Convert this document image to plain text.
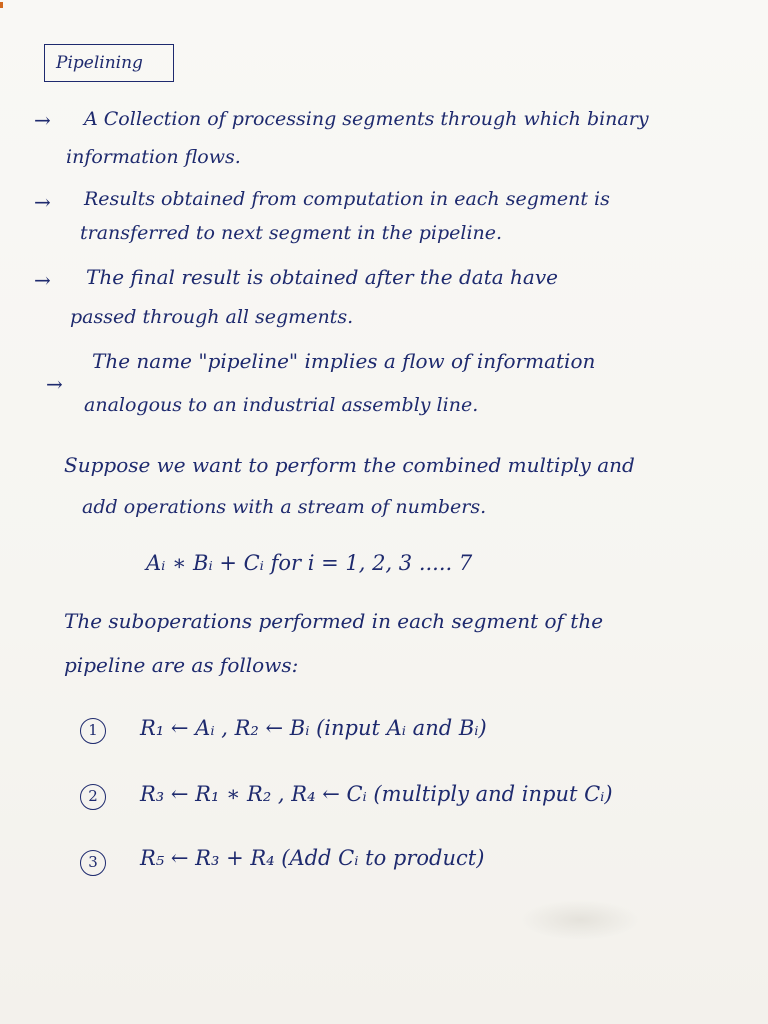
Pipelining
→ A Collection of processing segments through which binary
information flows.
→ Results obtained from computation in each segment is
transferred to next segment in the pipeline.
→ The final result is obtained after the data have
passed through all segments.
→
The name "pipeline" implies a flow of information
analogous to an industrial assembly line.
Suppose we want to perform the combined multiply and
add operations with a stream of numbers.
Aᵢ ∗ Bᵢ + Cᵢ for i = 1, 2, 3 ..... 7
The suboperations performed in each segment of the
pipeline are as follows:
1	R₁ ← Aᵢ , R₂ ← Bᵢ (input Aᵢ and Bᵢ)
2	R₃ ← R₁ ∗ R₂ , R₄ ← Cᵢ (multiply and input Cᵢ)
3	R₅ ← R₃ + R₄ (Add Cᵢ to product)
